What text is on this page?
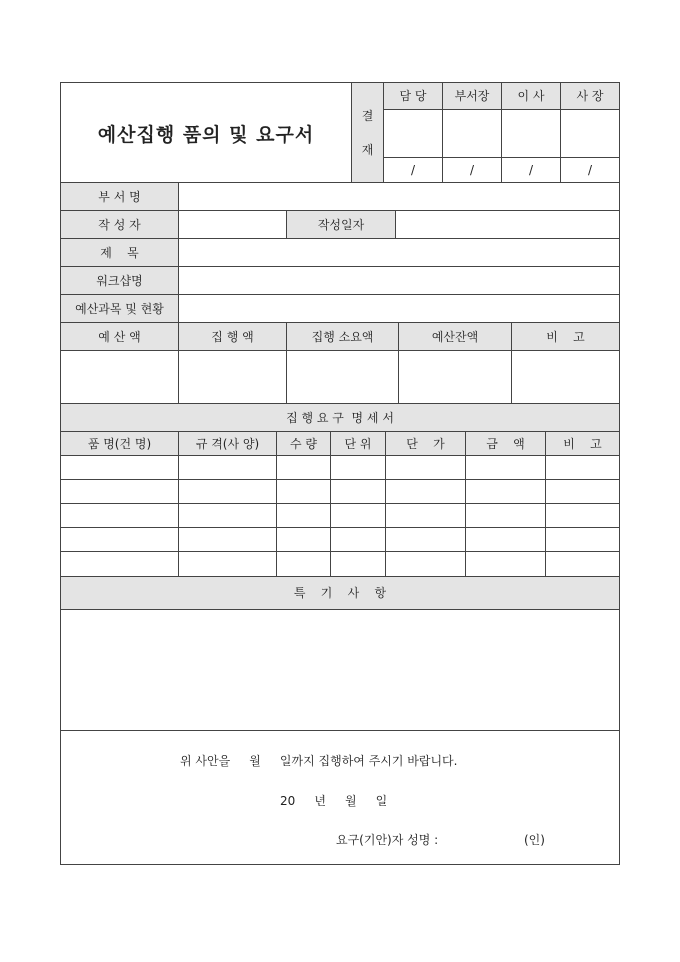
예산집행 품의 및 요구서
결
재
담 당	부서장	이 사	사 장
/	/	/	/
부 서 명
작 성 자	작성일자
제    목
워크샵명
예산과목 및 현황
예 산 액	집 행 액	집행 소요액	예산잔액	비    고
집 행 요 구  명 세 서
품 명(건 명)	규 격(사 양)	수 량	단 위	단    가	금    액	비    고
특    기    사    항
위 사안을     월     일까지 집행하여 주시기 바랍니다.
20     년     월     일
요구(기안)자 성명 :	(인)
